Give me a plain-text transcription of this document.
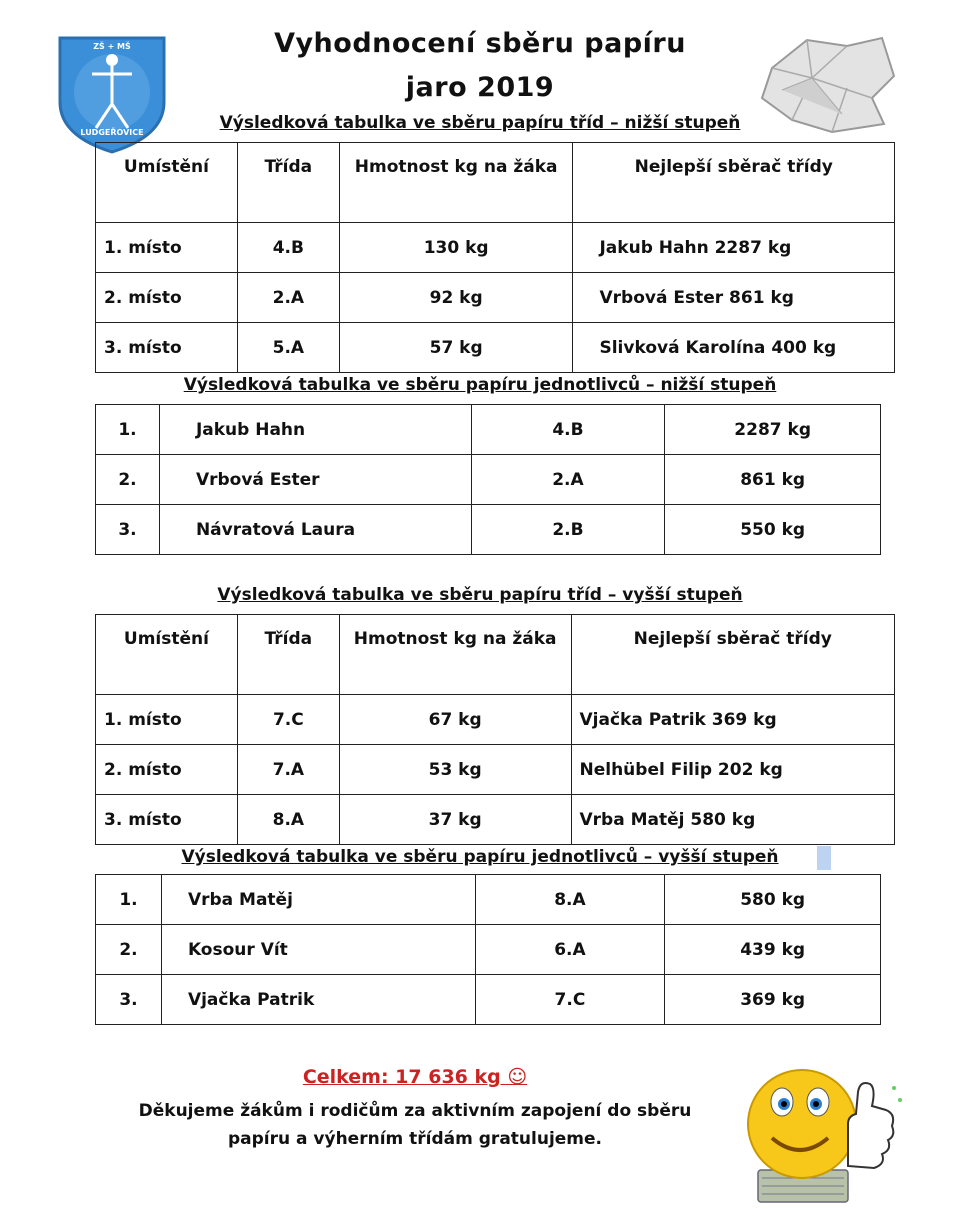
ZŠ + MŠ
LUDGEŘOVICE
Vyhodnocení sběru papíru
jaro 2019
Výsledková tabulka ve sběru papíru tříd – nižší stupeň
Umístění	Třída	Hmotnost kg na žáka	Nejlepší sběrač třídy
1. místo	4.B	130 kg	Jakub Hahn 2287 kg
2. místo	2.A	92 kg	Vrbová Ester 861 kg
3. místo	5.A	57 kg	Slivková Karolína 400 kg
Výsledková tabulka ve sběru papíru jednotlivců – nižší stupeň
1.	Jakub Hahn	4.B	2287 kg
2.	Vrbová Ester	2.A	861 kg
3.	Návratová Laura	2.B	550 kg
Výsledková tabulka ve sběru papíru tříd – vyšší stupeň
Umístění	Třída	Hmotnost kg na žáka	Nejlepší sběrač třídy
1. místo	7.C	67 kg	Vjačka Patrik 369 kg
2. místo	7.A	53 kg	Nelhübel Filip 202 kg
3. místo	8.A	37 kg	Vrba Matěj 580 kg
Výsledková tabulka ve sběru papíru jednotlivců – vyšší stupeň
1.	Vrba Matěj	8.A	580 kg
2.	Kosour Vít	6.A	439 kg
3.	Vjačka Patrik	7.C	369 kg
Celkem: 17 636 kg ☺
Děkujeme žákům i rodičům za aktivním zapojení do sběru
papíru a výherním třídám gratulujeme.
